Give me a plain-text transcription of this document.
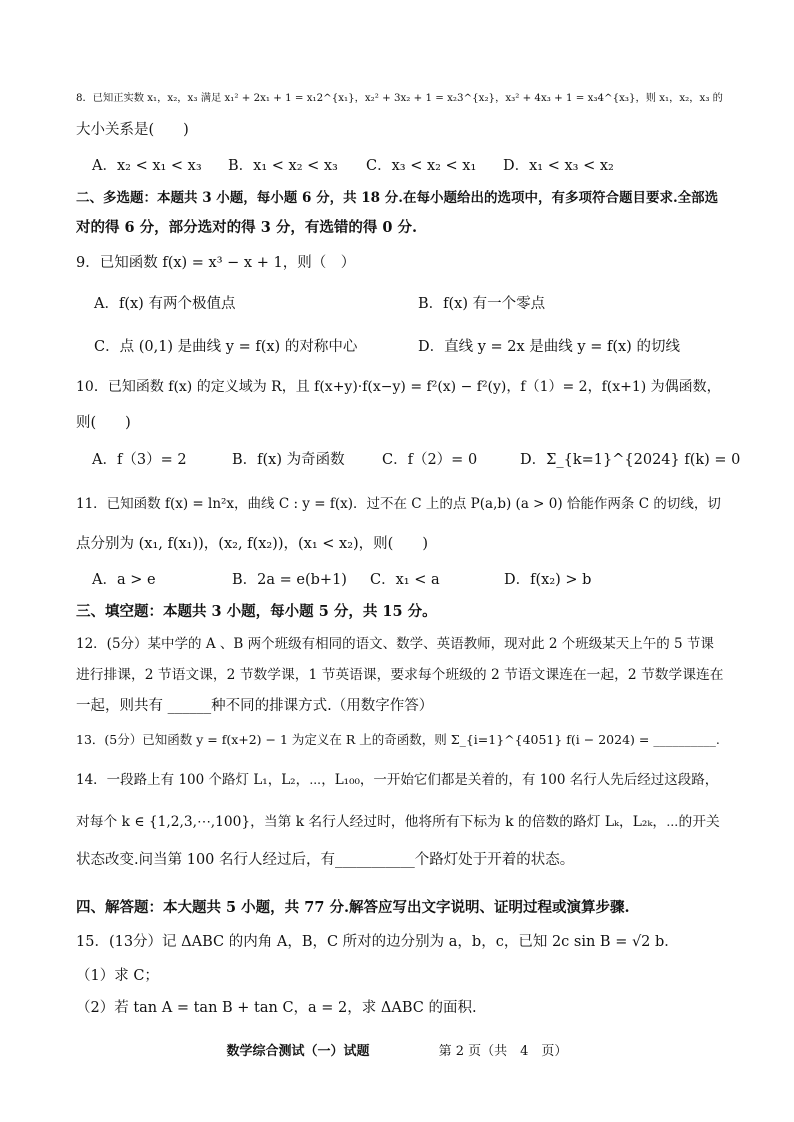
8．已知正实数 x₁，x₂，x₃ 满足 x₁² + 2x₁ + 1 = x₁2^{x₁}，x₂² + 3x₂ + 1 = x₂3^{x₂}，x₃² + 4x₃ + 1 = x₃4^{x₃}，则 x₁，x₂，x₃ 的
大小关系是(　　)
A．x₂ < x₁ < x₃ B．x₁ < x₂ < x₃ C．x₃ < x₂ < x₁ D．x₁ < x₃ < x₂
二、多选题：本题共 3 小题，每小题 6 分，共 18 分.在每小题给出的选项中，有多项符合题目要求.全部选
对的得 6 分，部分选对的得 3 分，有选错的得 0 分.
9．已知函数 f(x) = x³ − x + 1，则（　）
A．f(x) 有两个极值点	B．f(x) 有一个零点
C．点 (0,1) 是曲线 y = f(x) 的对称中心	D．直线 y = 2x 是曲线 y = f(x) 的切线
10．已知函数 f(x) 的定义域为 R，且 f(x+y)·f(x−y) = f²(x) − f²(y)，f（1）= 2，f(x+1) 为偶函数，
则(　　)
A．f（3）= 2	B．f(x) 为奇函数	C．f（2）= 0	D．Σ_{k=1}^{2024} f(k) = 0
11．已知函数 f(x) = ln²x，曲线 C : y = f(x)．过不在 C 上的点 P(a,b) (a > 0) 恰能作两条 C 的切线，切
点分别为 (x₁, f(x₁))，(x₂, f(x₂))，(x₁ < x₂)，则(　　)
A．a > e	B．2a = e(b+1) C．x₁ < a	D．f(x₂) > b
三、填空题：本题共 3 小题，每小题 5 分，共 15 分。
12．(5分）某中学的 A 、B 两个班级有相同的语文、数学、英语教师，现对此 2 个班级某天上午的 5 节课
进行排课，2 节语文课，2 节数学课，1 节英语课，要求每个班级的 2 节语文课连在一起，2 节数学课连在
一起，则共有 ______种不同的排课方式.（用数字作答）
13．(5分）已知函数 y = f(x+2) − 1 为定义在 R 上的奇函数，则 Σ_{i=1}^{4051} f(i − 2024) = __________.
14．一段路上有 100 个路灯 L₁，L₂，⋯，L₁₀₀，一开始它们都是关着的，有 100 名行人先后经过这段路，
对每个 k ∈ {1,2,3,⋯,100}，当第 k 名行人经过时，他将所有下标为 k 的倍数的路灯 Lₖ，L₂ₖ，⋯的开关
状态改变.问当第 100 名行人经过后，有___________个路灯处于开着的状态。
四、解答题：本大题共 5 小题，共 77 分.解答应写出文字说明、证明过程或演算步骤.
15．(13分）记 ΔABC 的内角 A，B，C 所对的边分别为 a，b，c，已知 2c sin B = √2 b．
（1）求 C；
（2）若 tan A = tan B + tan C，a = 2，求 ΔABC 的面积.
数学综合测试（一）试题	第 2 页（共　4　页）
